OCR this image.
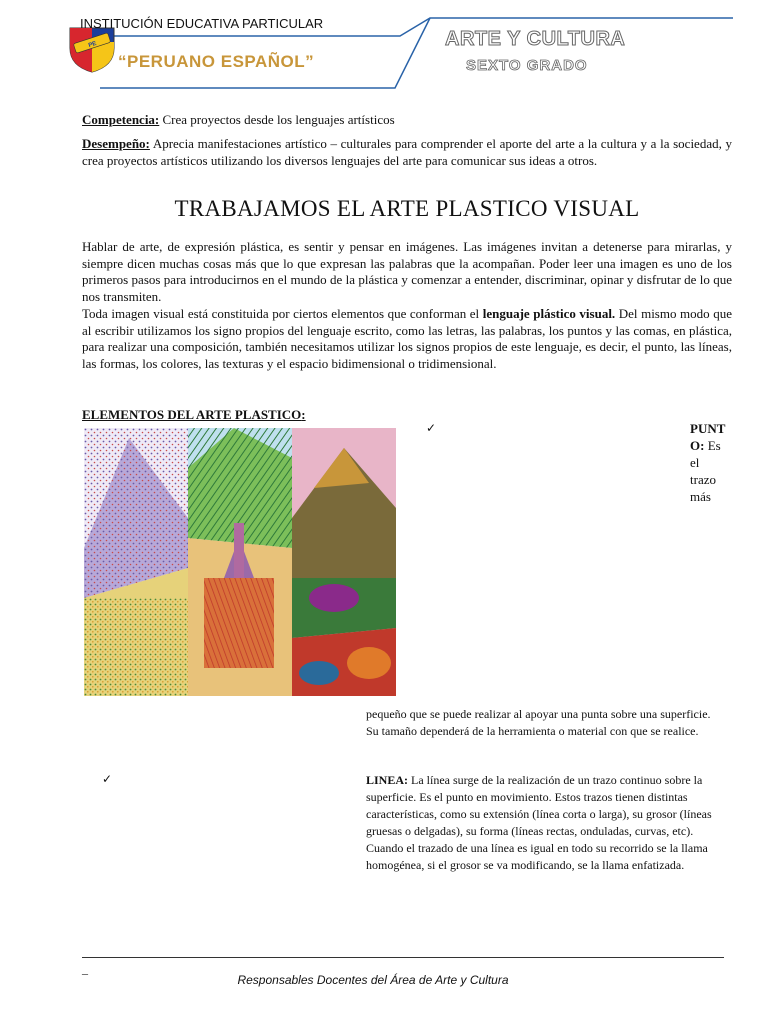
PE
INSTITUCIÓN EDUCATIVA PARTICULAR
“PERUANO ESPAÑOL”
ARTE Y CULTURA
SEXTO GRADO
Competencia: Crea proyectos desde los lenguajes artísticos
Desempeño: Aprecia manifestaciones artístico – culturales para comprender el aporte del arte a la cultura y a la sociedad, y crea proyectos artísticos utilizando los diversos lenguajes del arte para comunicar sus ideas a otros.
TRABAJAMOS EL ARTE PLASTICO VISUAL
Hablar de arte, de expresión plástica, es sentir y pensar en imágenes. Las imágenes invitan a detenerse para mirarlas, y siempre dicen muchas cosas más que lo que expresan las palabras que la acompañan. Poder leer una imagen es uno de los primeros pasos para introducirnos en el mundo de la plástica y comenzar a entender, discriminar, opinar y disfrutar de lo que nos transmiten.
Toda imagen visual está constituida por ciertos elementos que conforman el lenguaje plástico visual. Del mismo modo que al escribir utilizamos los signo propios del lenguaje escrito, como las letras, las palabras, los puntos y las comas, en plástica, para realizar una composición, también necesitamos utilizar los signos propios de este lenguaje, es decir, el punto, las líneas, las formas, los colores, las texturas y el espacio bidimensional o tridimensional.
ELEMENTOS DEL ARTE PLASTICO:
✓	PUNT
O: Es
el
trazo
más
pequeño que se puede realizar al apoyar una punta sobre una superficie. Su tamaño dependerá de la herramienta o material con que se realice.
✓	LINEA: La línea surge de la realización de un trazo continuo sobre la superficie. Es el punto en movimiento. Estos trazos tienen distintas características, como su extensión (línea corta o larga), su grosor (líneas gruesas o delgadas), su forma (líneas rectas, onduladas, curvas, etc). Cuando el trazado de una línea es igual en todo su recorrido se la llama homogénea, si el grosor se va modificando, se la llama enfatizada.
_
Responsables Docentes del Área de Arte y Cultura
